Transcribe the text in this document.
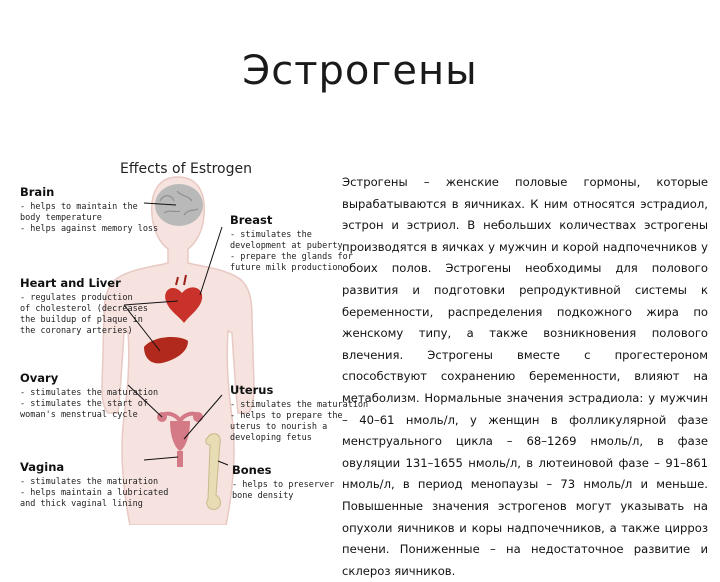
Эстрогены
Effects of Estrogen
Brain
- helps to maintain the
body temperature
- helps against memory loss
Heart and Liver
- regulates production
of cholesterol (decreases
the buildup of plaque in
the coronary arteries)
Ovary
- stimulates the maturation
- stimulates the start of
woman's menstrual cycle
Vagina
- stimulates the maturation
- helps maintain a lubricated
and thick vaginal lining
Breast
- stimulates the
development at puberty
- prepare the glands for
future milk production
Uterus
- stimulates the maturation
- helps to prepare the
uterus to nourish a
developing fetus
Bones
- helps to preserver
bone density
Эстрогены – женские половые гормоны, которые вырабатываются в яичниках. К ним относятся эстрадиол, эстрон и эстриол. В небольших количествах эстрогены производятся в яичках у мужчин и корой надпочечников у обоих полов. Эстрогены необходимы для полового развития и подготовки репродуктивной системы к беременности, распределения подкожного жира по женскому типу, а также возникновения полового влечения. Эстрогены вместе с прогестероном способствуют сохранению беременности, влияют на метаболизм. Нормальные значения эстрадиола: у мужчин – 40–61 нмоль/л, у женщин в фолликулярной фазе менструального цикла – 68–1269 нмоль/л, в фазе овуляции 131–1655 нмоль/л, в лютеиновой фазе – 91–861 нмоль/л, в период менопаузы – 73 нмоль/л и меньше. Повышенные значения эстрогенов могут указывать на опухоли яичников и коры надпочечников, а также цирроз печени. Пониженные – на недостаточное развитие и склероз яичников.
